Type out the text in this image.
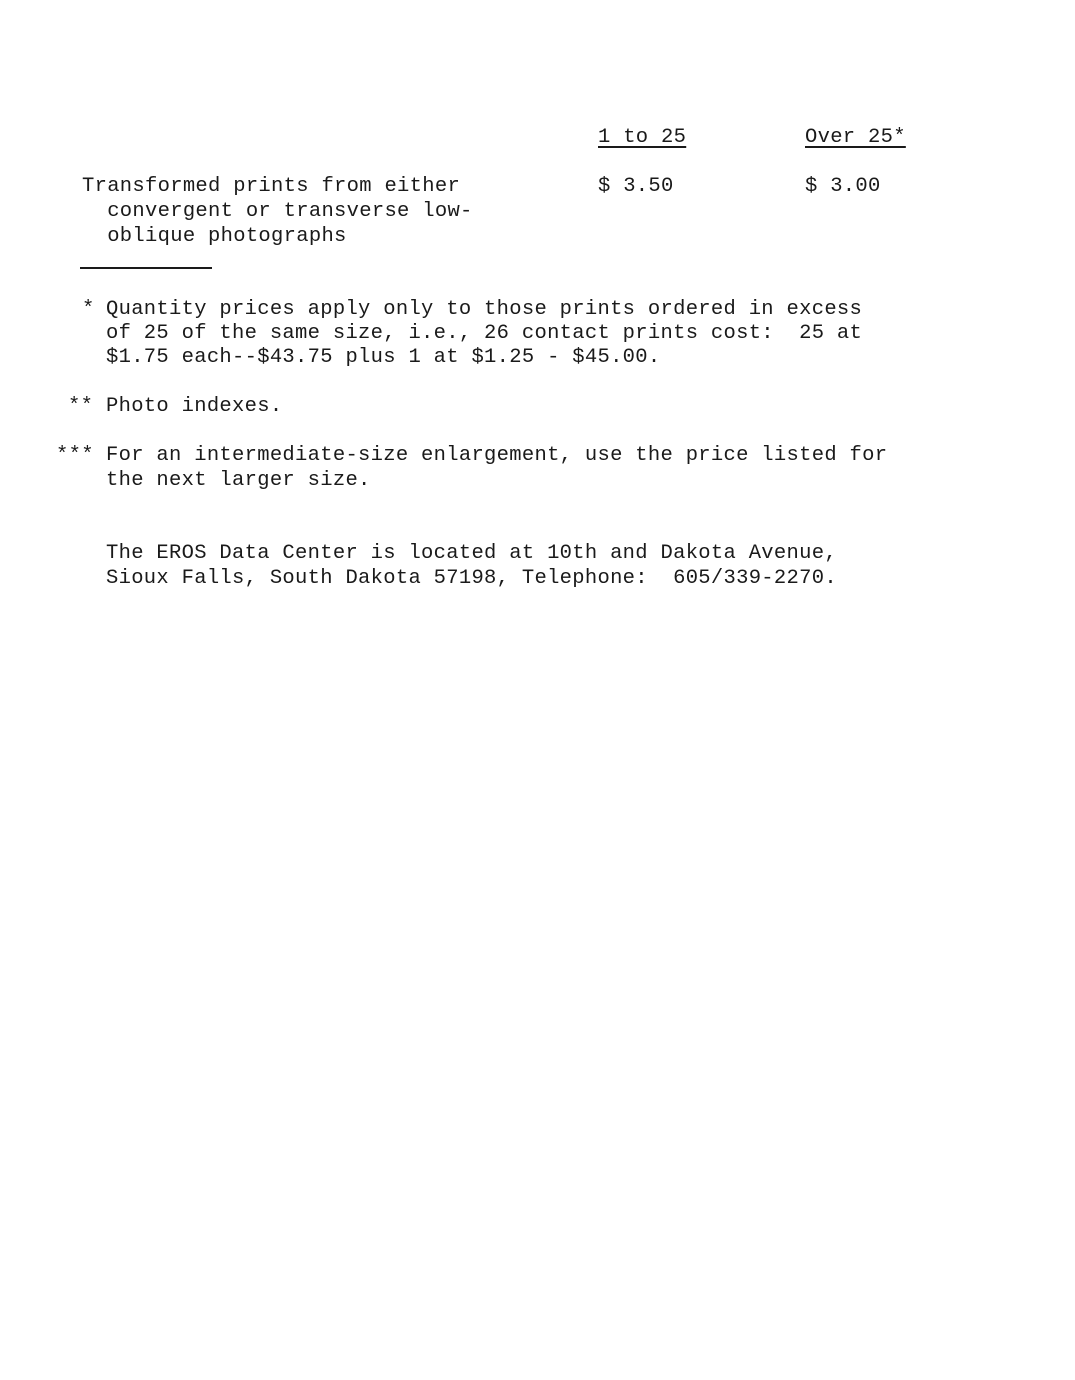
1 to 25	Over 25*
Transformed prints from either
convergent or transverse low-
oblique photographs
$ 3.50	$ 3.00
* Quantity prices apply only to those prints ordered in excess
of 25 of the same size, i.e., 26 contact prints cost:  25 at
$1.75 each--$43.75 plus 1 at $1.25 - $45.00.
** Photo indexes.
*** For an intermediate-size enlargement, use the price listed for
the next larger size.
The EROS Data Center is located at 10th and Dakota Avenue,
Sioux Falls, South Dakota 57198, Telephone:  605/339-2270.
